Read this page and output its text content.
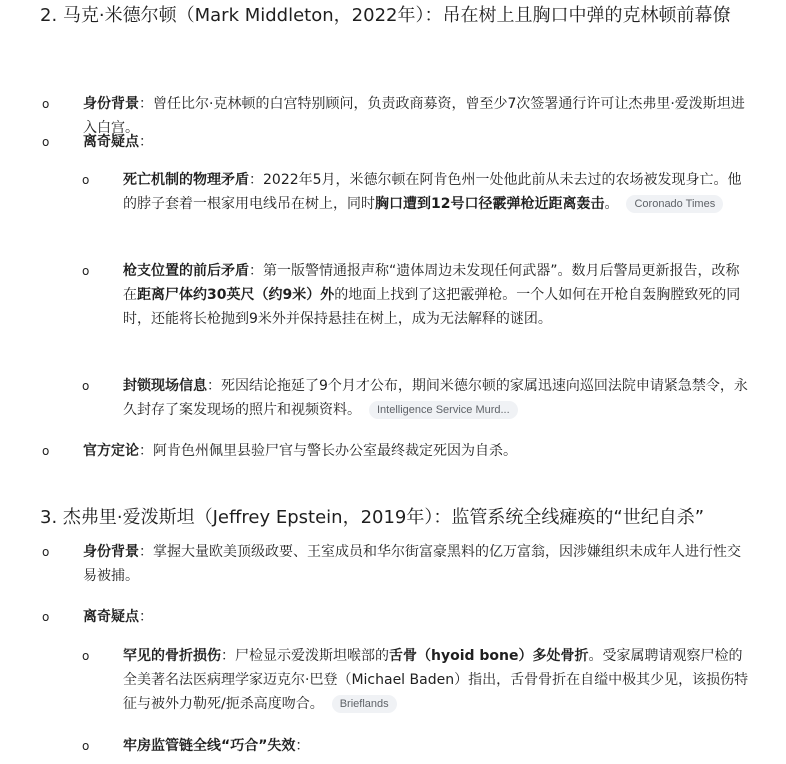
2. 马克·米德尔顿（Mark Middleton，2022年）：吊在树上且胸口中弹的克林顿前幕僚
o 身份背景：曾任比尔·克林顿的白宫特别顾问，负责政商募资，曾至少7次签署通行许可让杰弗里·爱泼斯坦进入白宫。
o 离奇疑点：
o 死亡机制的物理矛盾：2022年5月，米德尔顿在阿肯色州一处他此前从未去过的农场被发现身亡。他的脖子套着一根家用电线吊在树上，同时胸口遭到12号口径霰弹枪近距离轰击。 Coronado Times
o 枪支位置的前后矛盾：第一版警情通报声称“遗体周边未发现任何武器”。数月后警局更新报告，改称在距离尸体约30英尺（约9米）外的地面上找到了这把霰弹枪。一个人如何在开枪自轰胸膛致死的同时，还能将长枪抛到9米外并保持悬挂在树上，成为无法解释的谜团。
o 封锁现场信息：死因结论拖延了9个月才公布，期间米德尔顿的家属迅速向巡回法院申请紧急禁令，永久封存了案发现场的照片和视频资料。 Intelligence Service Murd...
o 官方定论：阿肯色州佩里县验尸官与警长办公室最终裁定死因为自杀。
3. 杰弗里·爱泼斯坦（Jeffrey Epstein，2019年）：监管系统全线瘫痪的“世纪自杀”
o 身份背景：掌握大量欧美顶级政要、王室成员和华尔街富豪黑料的亿万富翁，因涉嫌组织未成年人进行性交易被捕。
o 离奇疑点：
o 罕见的骨折损伤：尸检显示爱泼斯坦喉部的舌骨（hyoid bone）多处骨折。受家属聘请观察尸检的全美著名法医病理学家迈克尔·巴登（Michael Baden）指出，舌骨骨折在自缢中极其少见，该损伤特征与被外力勒死/扼杀高度吻合。 Brieflands
o 牢房监管链全线“巧合”失效：
